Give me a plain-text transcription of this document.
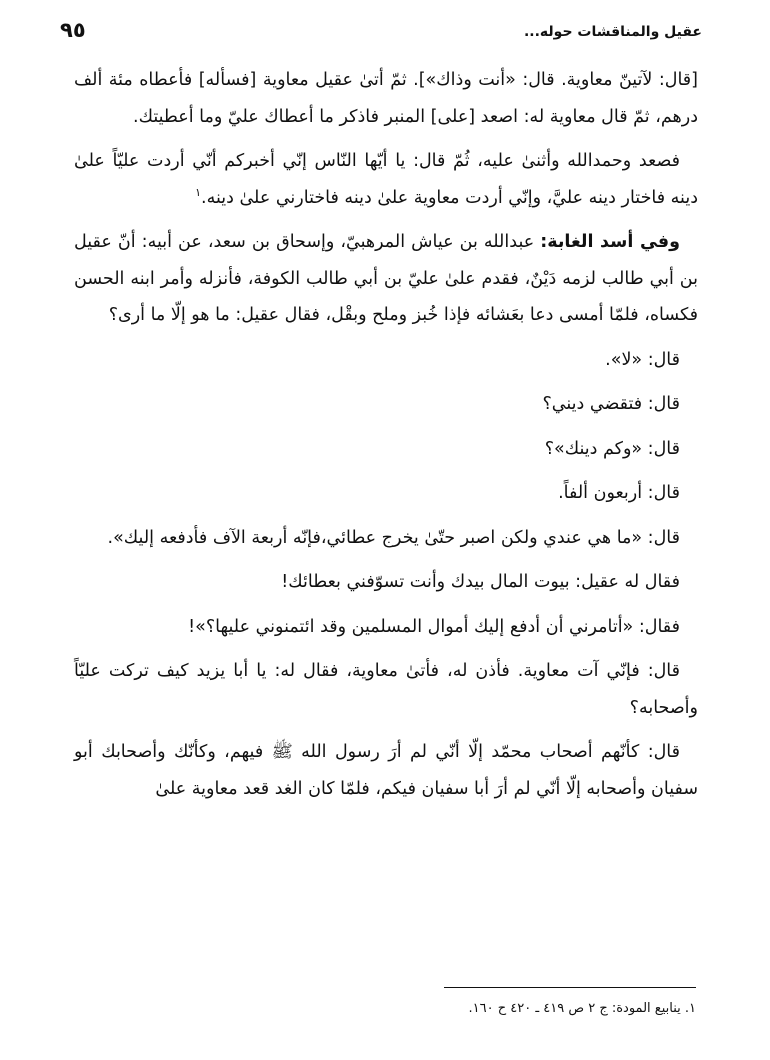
عقيل والمناقشات حوله...
٩٥

[قال: لآتينّ معاوية. قال: «أنت وذاك»]. ثمّ أتىٰ عقيل معاوية [فسأله] فأعطاه مئة ألف درهم، ثمّ قال معاوية له: اصعد [على] المنبر فاذكر ما أعطاك عليّ وما أعطيتك.

فصعد وحمدالله وأثنىٰ عليه، ثُمّ قال: يا أيّها النّاس إنّي أخبركم أنّي أردت عليّاً علىٰ دينه فاختار دينه عليَّ، وإنّي أردت معاوية علىٰ دينه فاختارني علىٰ دينه.$^١$

وفي أسد الغابة: عبدالله بن عياش المرهبيّ، وإسحاق بن سعد، عن أبيه: أنّ عقيل بن أبي طالب لزمه دَيْنٌ، فقدم علىٰ عليّ بن أبي طالب الكوفة، فأنزله وأمر ابنه الحسن فكساه، فلمّا أمسى دعا بعَشائه فإذا خُبز وملح وبقْل، فقال عقيل: ما هو إلّا ما أرى؟

قال: «لا».

قال: فتقضي ديني؟

قال: «وكم دينك»؟

قال: أربعون ألفاً.

قال: «ما هي عندي ولكن اصبر حتّىٰ يخرج عطائي،فإنّه أربعة الآف فأدفعه إليك».

فقال له عقيل: بيوت المال بيدك وأنت تسوّفني بعطائك!

فقال: «أتامرني أن أدفع إليك أموال المسلمين وقد ائتمنوني عليها؟»!

قال: فإنّي آت معاوية. فأذن له، فأتىٰ معاوية، فقال له: يا أبا يزيد كيف تركت عليّاً وأصحابه؟

قال: كأنّهم أصحاب محمّد إلّا أنّي لم أرَ رسول الله ﷺ فيهم، وكأنّك وأصحابك أبو سفيان وأصحابه إلّا أنّي لم أرَ أبا سفيان فيكم، فلمّا كان الغد قعد معاوية علىٰ

١. ينابيع المودة: ج ٢ ص ٤١٩ ـ ٤٢٠ ح ١٦٠.
